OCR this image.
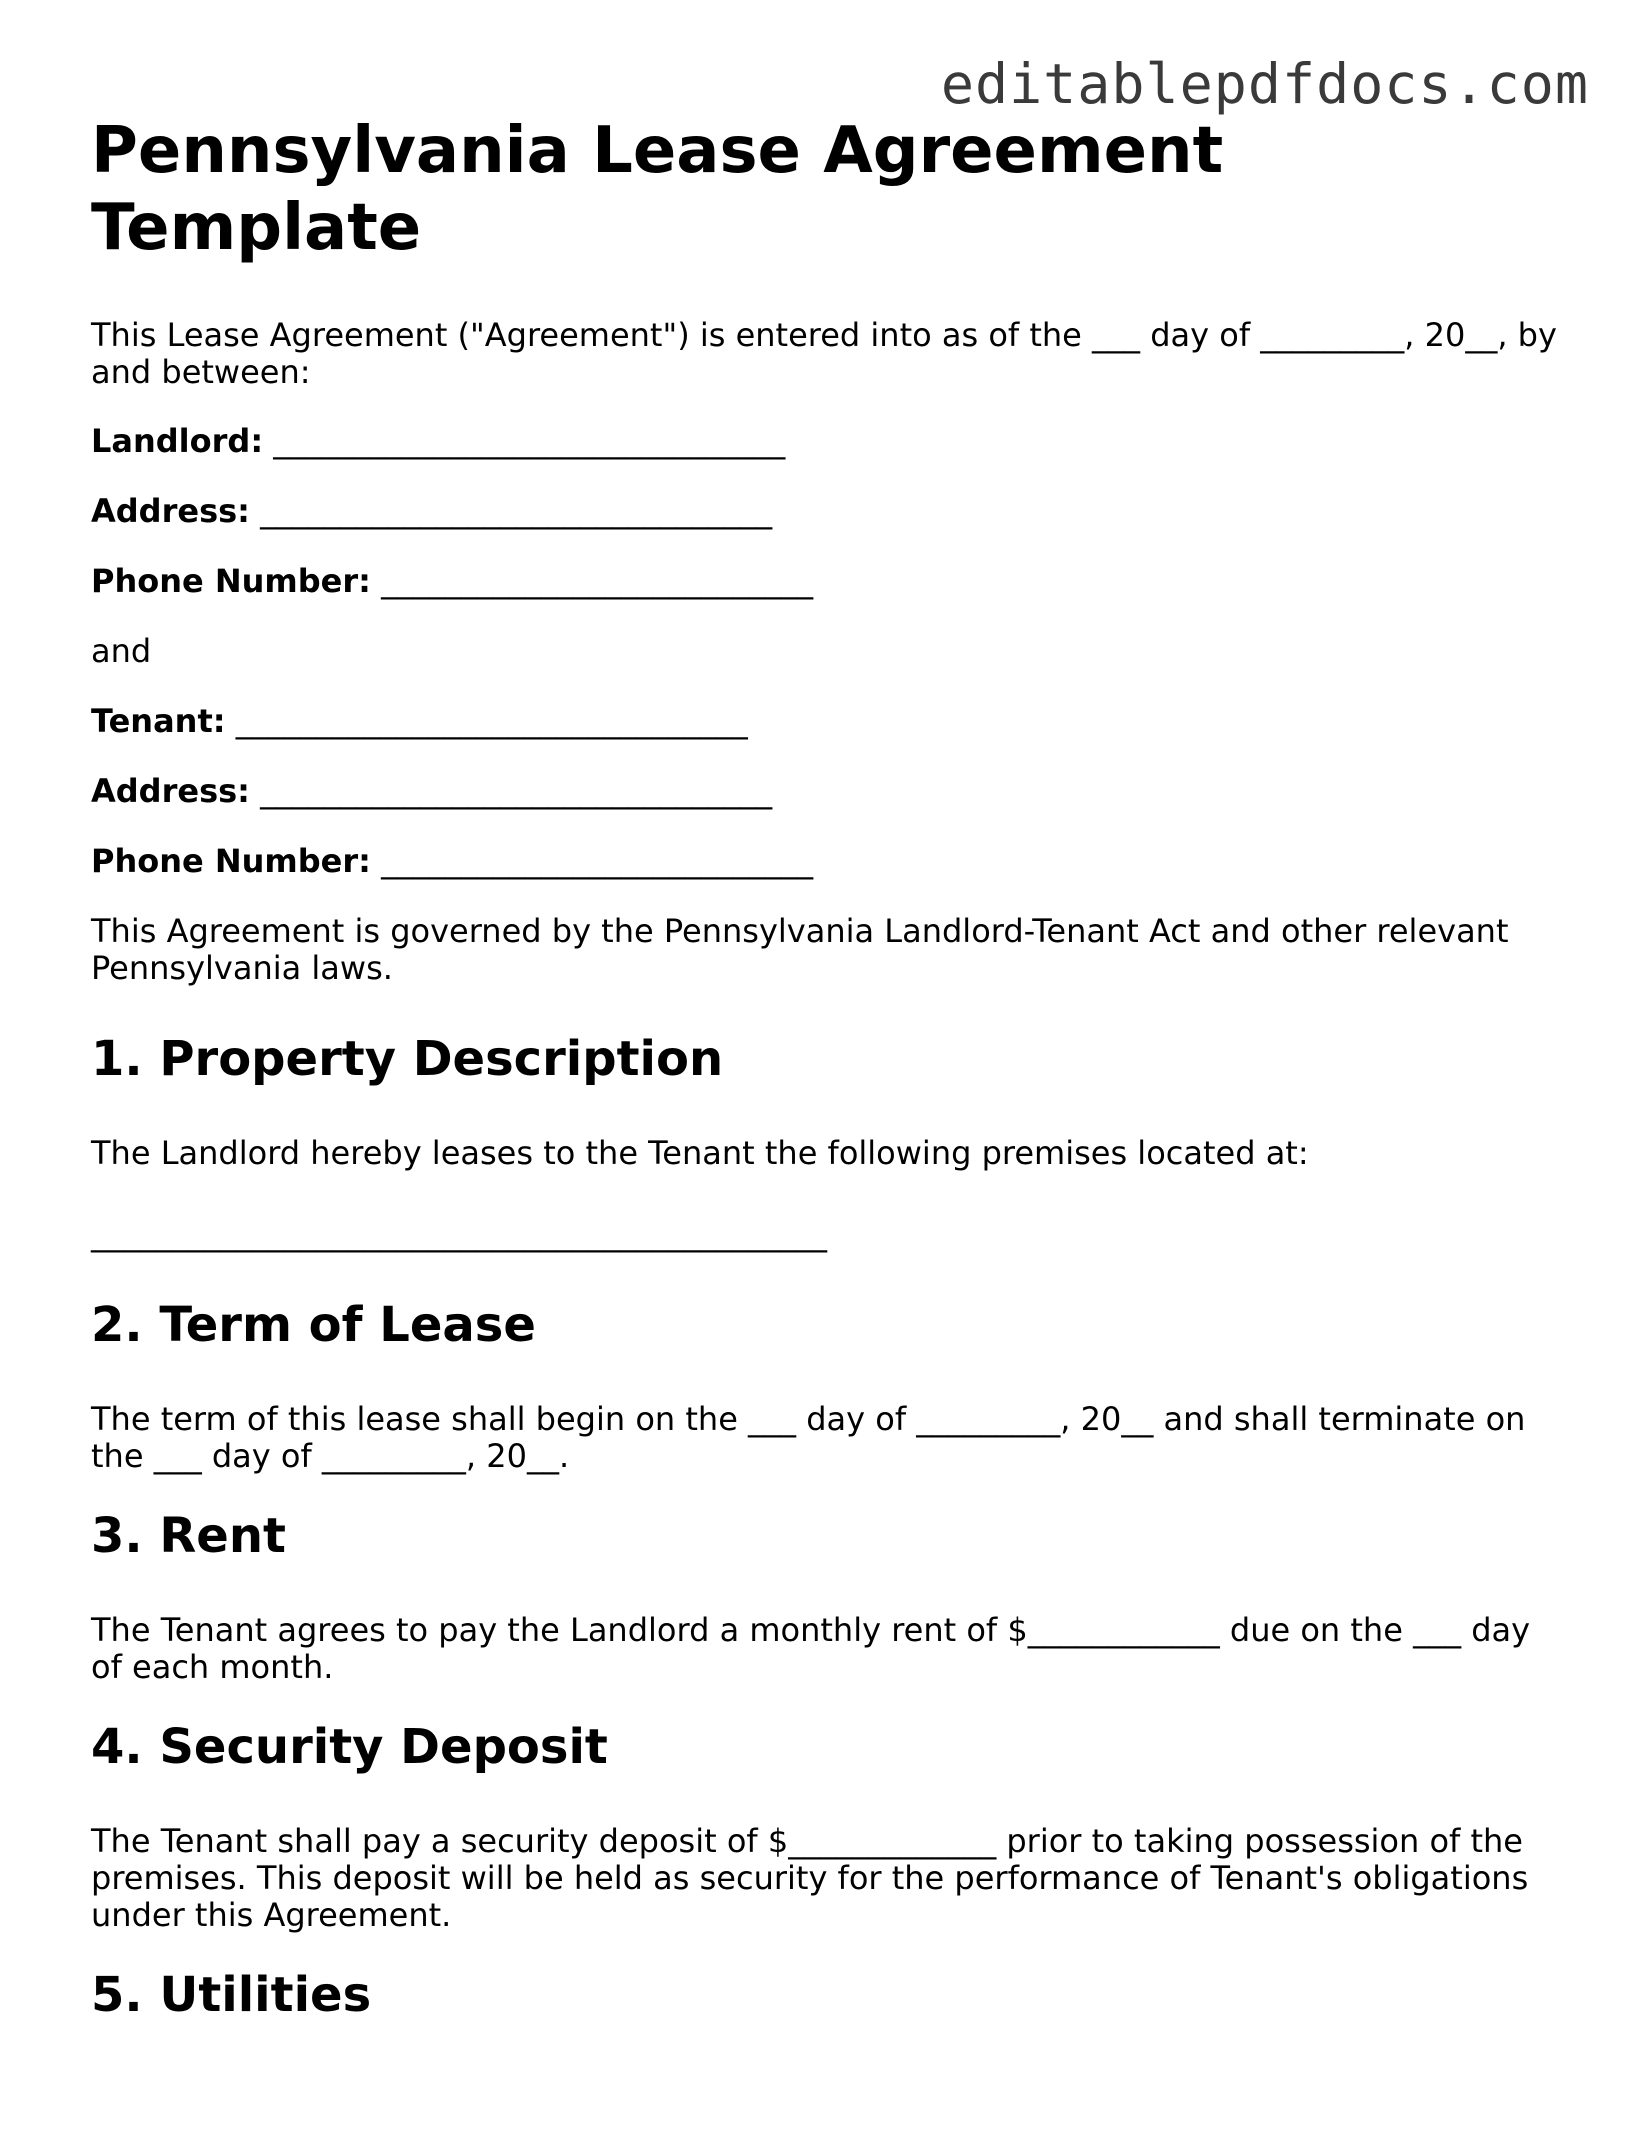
editablepdfdocs.com
Pennsylvania Lease Agreement Template

This Lease Agreement ("Agreement") is entered into as of the ___ day of _________, 20__, by and between:

Landlord: ________________________________

Address: ________________________________

Phone Number: ___________________________

and

Tenant: ________________________________

Address: ________________________________

Phone Number: ___________________________

This Agreement is governed by the Pennsylvania Landlord-Tenant Act and other relevant Pennsylvania laws.

1. Property Description

The Landlord hereby leases to the Tenant the following premises located at:

______________________________________________

2. Term of Lease

The term of this lease shall begin on the ___ day of _________, 20__ and shall terminate on the ___ day of _________, 20__.

3. Rent

The Tenant agrees to pay the Landlord a monthly rent of $____________ due on the ___ day of each month.

4. Security Deposit

The Tenant shall pay a security deposit of $_____________ prior to taking possession of the premises. This deposit will be held as security for the performance of Tenant's obligations under this Agreement.

5. Utilities
